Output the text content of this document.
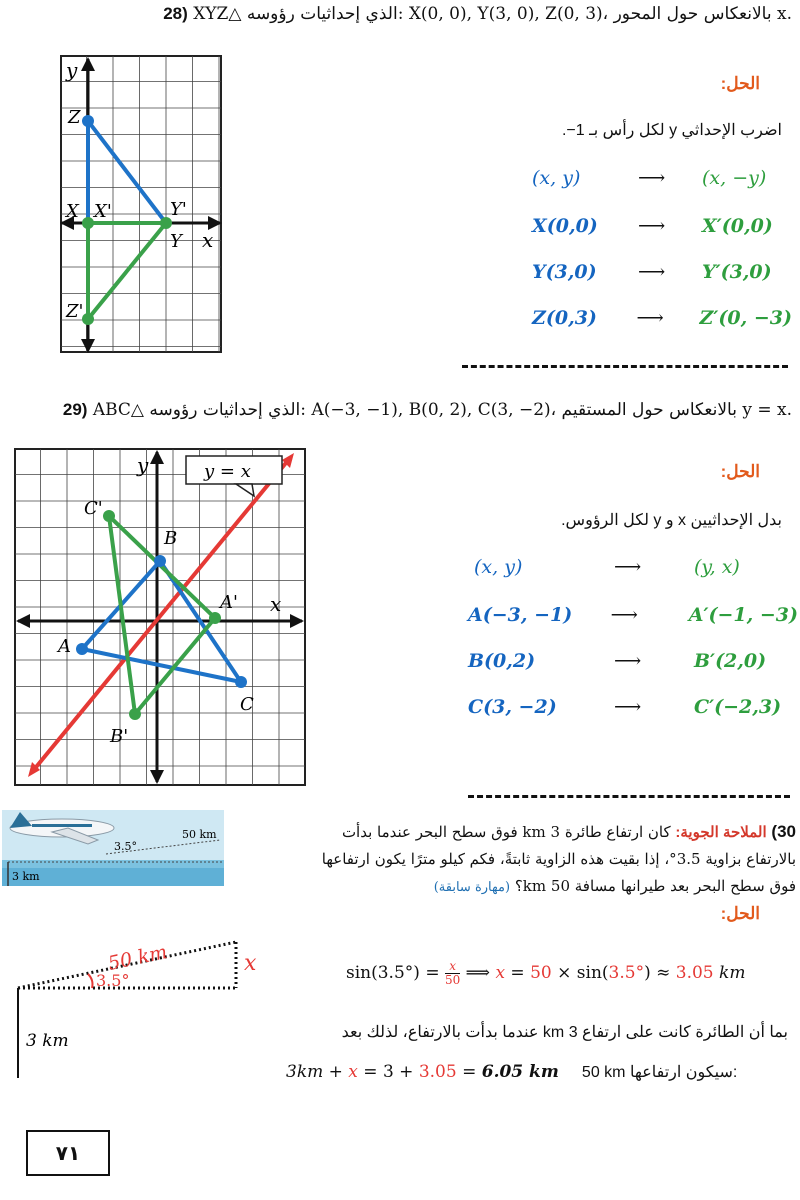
28) XYZ△ الذي إحداثيات رؤوسه: X(0, 0), Y(3, 0), Z(0, 3)، بالانعكاس حول المحور x.
y
x
Z
X X'	Y'
Y
Z'
الحل:
اضرب الإحداثي y لكل رأس بـ 1−.
(x, y)	⟶	(x, −y)
X(0,0)	⟶	X′(0,0)
Y(3,0)	⟶	Y′(3,0)
Z(0,3)	⟶	Z′(0, −3)
29) ABC△ الذي إحداثيات رؤوسه: A(−3, −1), B(0, 2), C(3, −2)، بالانعكاس حول المستقيم y = x.
y = x
y
x
A
B
C
C'
A'
B'
الحل:
بدل الإحداثيين x و y لكل الرؤوس.
(x, y)	⟶	(y, x)
A(−3, −1)	⟶	A′(−1, −3)
B(0,2)	⟶	B′(2,0)
C(3, −2)	⟶	C′(−2,3)
50 km
3.5°
3 km
30) الملاحة الجوية: كان ارتفاع طائرة 3 km فوق سطح البحر عندما بدأت
بالارتفاع بزاوية 3.5°، إذا بقيت هذه الزاوية ثابتةً، فكم كيلو مترًا يكون ارتفاعها
فوق سطح البحر بعد طيرانها مسافة 50 km؟ (مهارة سابقة)
الحل:
50 km	x
3.5°
3 km
$\sin(3.5^\circ) = \frac{x}{50}$ ⟹ x = 50 × sin(3.5°) ≈ 3.05 km
بما أن الطائرة كانت على ارتفاع 3 km عندما بدأت بالارتفاع، لذلك بعد
3km + x = 3 + 3.05 = 6.05 km 50 km سيكون ارتفاعها:
٧١
